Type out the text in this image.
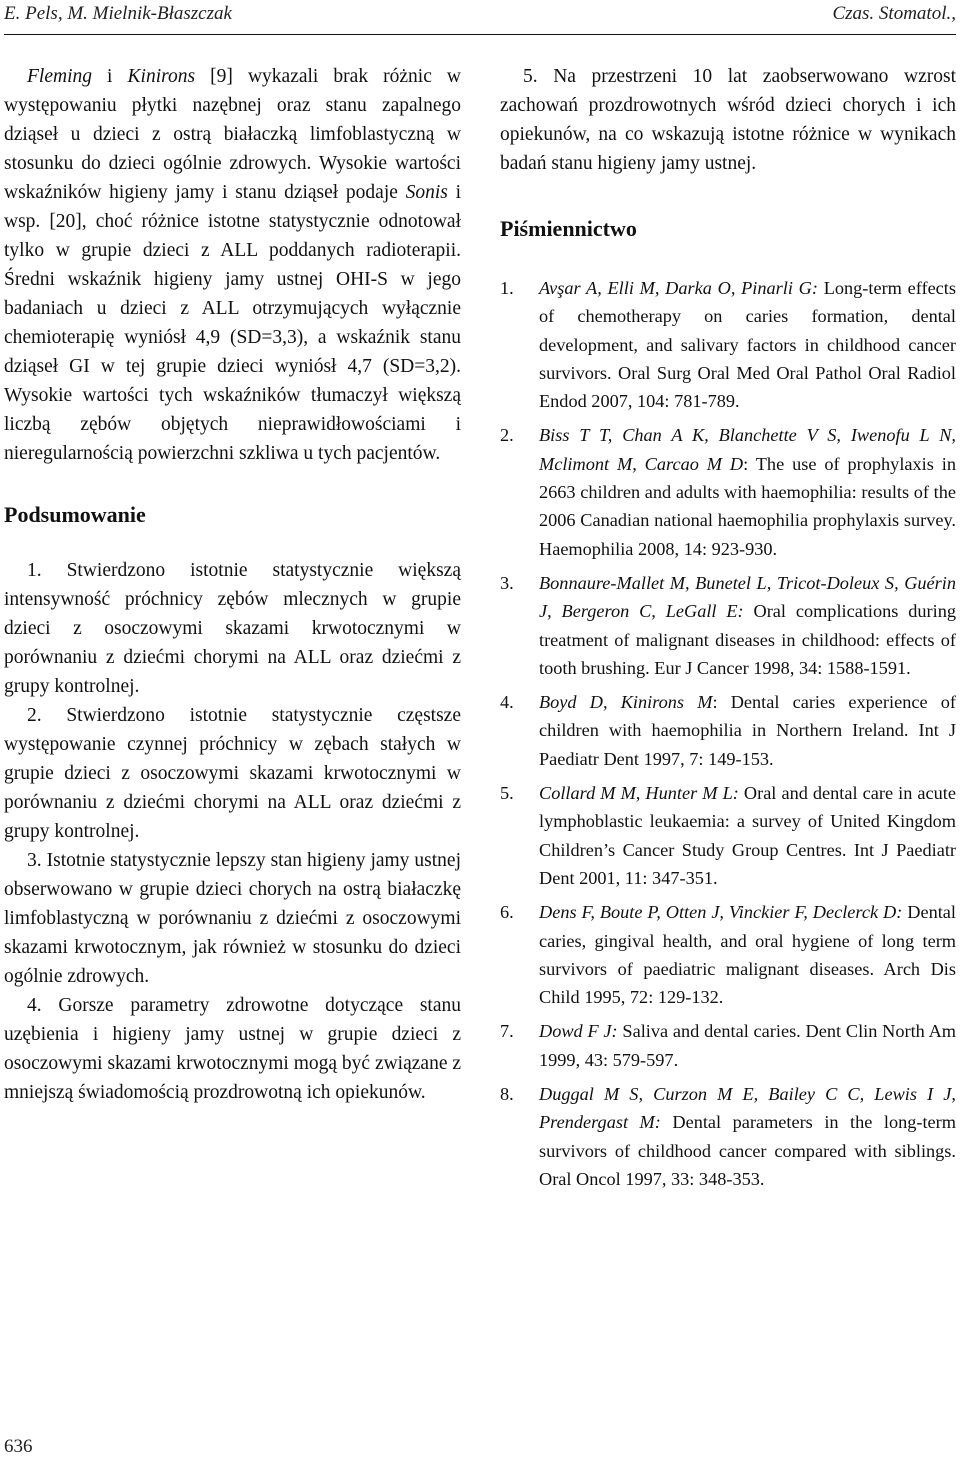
E. Pels, M. Mielnik-Błaszczak	Czas. Stomatol.,

Fleming i Kinirons [9] wykazali brak różnic w występowaniu płytki nazębnej oraz stanu zapalnego dziąseł u dzieci z ostrą białaczką limfoblastyczną w stosunku do dzieci ogólnie zdrowych. Wysokie wartości wskaźników higieny jamy i stanu dziąseł podaje Sonis i wsp. [20], choć różnice istotne statystycznie odnotował tylko w grupie dzieci z ALL poddanych radioterapii. Średni wskaźnik higieny jamy ustnej OHI-S w jego badaniach u dzieci z ALL otrzymujących wyłącznie chemioterapię wyniósł 4,9 (SD=3,3), a wskaźnik stanu dziąseł GI w tej grupie dzieci wyniósł 4,7 (SD=3,2). Wysokie wartości tych wskaźników tłumaczył większą liczbą zębów objętych nieprawidłowościami i nieregularnością powierzchni szkliwa u tych pacjentów.

Podsumowanie

1. Stwierdzono istotnie statystycznie większą intensywność próchnicy zębów mlecznych w grupie dzieci z osoczowymi skazami krwotocznymi w porównaniu z dziećmi chorymi na ALL oraz dziećmi z grupy kontrolnej.

2. Stwierdzono istotnie statystycznie częstsze występowanie czynnej próchnicy w zębach stałych w grupie dzieci z osoczowymi skazami krwotocznymi w porównaniu z dziećmi chorymi na ALL oraz dziećmi z grupy kontrolnej.

3. Istotnie statystycznie lepszy stan higieny jamy ustnej obserwowano w grupie dzieci chorych na ostrą białaczkę limfoblastyczną w porównaniu z dziećmi z osoczowymi skazami krwotocznym, jak również w stosunku do dzieci ogólnie zdrowych.

4. Gorsze parametry zdrowotne dotyczące stanu uzębienia i higieny jamy ustnej w grupie dzieci z osoczowymi skazami krwotocznymi mogą być związane z mniejszą świadomością prozdrowotną ich opiekunów.

5. Na przestrzeni 10 lat zaobserwowano wzrost zachowań prozdrowotnych wśród dzieci chorych i ich opiekunów, na co wskazują istotne różnice w wynikach badań stanu higieny jamy ustnej.

Piśmiennictwo
1. Avşar A, Elli M, Darka O, Pinarli G: Long-term effects of chemotherapy on caries formation, dental development, and salivary factors in childhood cancer survivors. Oral Surg Oral Med Oral Pathol Oral Radiol Endod 2007, 104: 781-789.
2. Biss T T, Chan A K, Blanchette V S, Iwenofu L N, Mclimont M, Carcao M D: The use of prophylaxis in 2663 children and adults with haemophilia: results of the 2006 Canadian national haemophilia prophylaxis survey. Haemophilia 2008, 14: 923-930.
3. Bonnaure-Mallet M, Bunetel L, Tricot-Doleux S, Guérin J, Bergeron C, LeGall E: Oral complications during treatment of malignant diseases in childhood: effects of tooth brushing. Eur J Cancer 1998, 34: 1588-1591.
4. Boyd D, Kinirons M: Dental caries experience of children with haemophilia in Northern Ireland. Int J Paediatr Dent 1997, 7: 149-153.
5. Collard M M, Hunter M L: Oral and dental care in acute lymphoblastic leukaemia: a survey of United Kingdom Children’s Cancer Study Group Centres. Int J Paediatr Dent 2001, 11: 347-351.
6. Dens F, Boute P, Otten J, Vinckier F, Declerck D: Dental caries, gingival health, and oral hygiene of long term survivors of paediatric malignant diseases. Arch Dis Child 1995, 72: 129-132.
7. Dowd F J: Saliva and dental caries. Dent Clin North Am 1999, 43: 579-597.
8. Duggal M S, Curzon M E, Bailey C C, Lewis I J, Prendergast M: Dental parameters in the long-term survivors of childhood cancer compared with siblings. Oral Oncol 1997, 33: 348-353.
636
